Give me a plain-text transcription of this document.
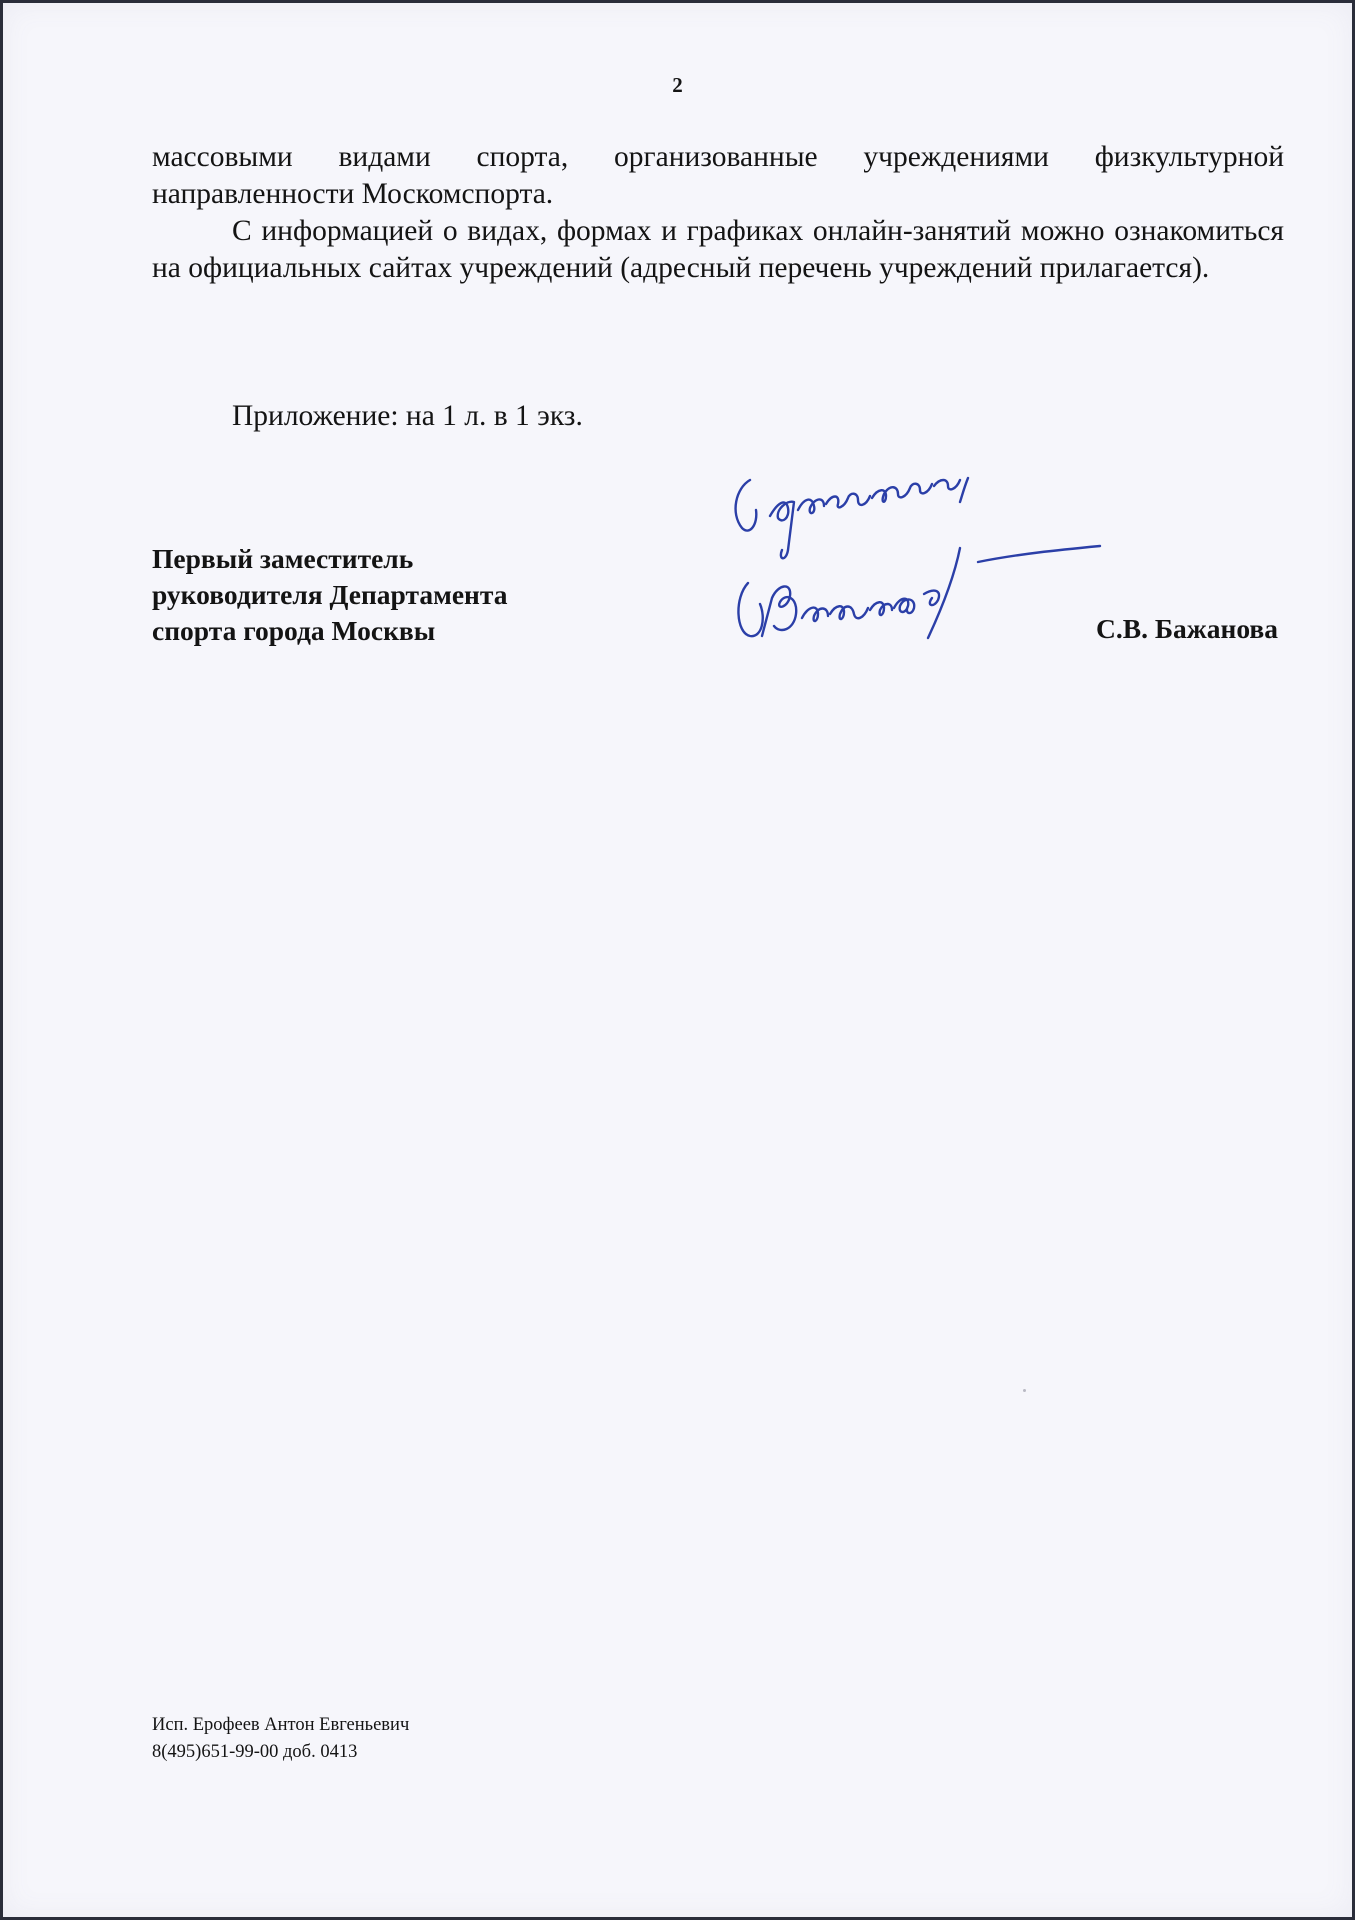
2

массовыми видами спорта, организованные учреждениями физкультурной направленности Москомспорта.

С информацией о видах, формах и графиках онлайн-занятий можно ознакомиться на официальных сайтах учреждений (адресный перечень учреждений прилагается).

Приложение: на 1 л. в 1 экз.
Первый заместитель
руководителя Департамента
спорта города Москвы	С.В. Бажанова
Исп. Ерофеев Антон Евгеньевич
8(495)651-99-00 доб. 0413
